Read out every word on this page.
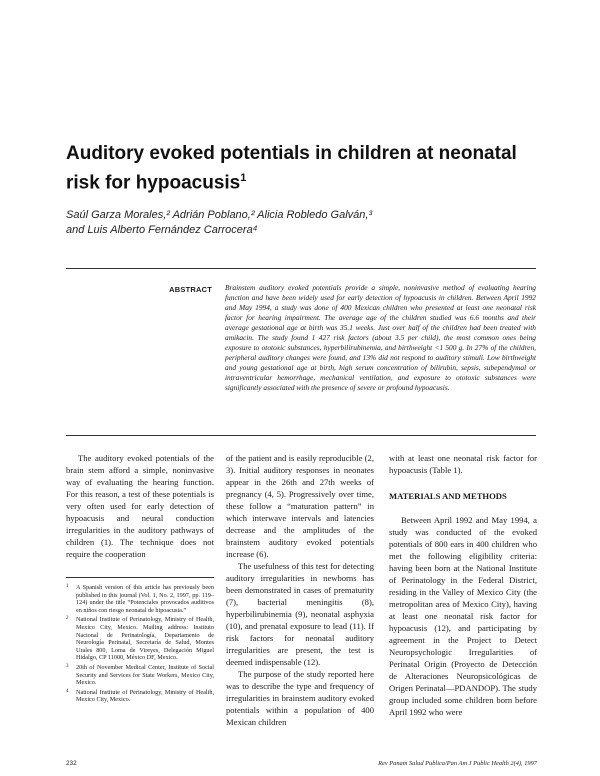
Auditory evoked potentials in children at neonatal risk for hypoacusis$^1$
Saúl Garza Morales,² Adrián Poblano,² Alicia Robledo Galván,³
and Luis Alberto Fernández Carrocera⁴
ABSTRACT Brainstem auditory evoked potentials provide a simple, noninvasive method of evaluating hearing function and have been widely used for early detection of hypoacusis in children. Between April 1992 and May 1994, a study was done of 400 Mexican children who presented at least one neonatal risk factor for hearing impairment. The average age of the children studied was 6.6 months and their average gestational age at birth was 35.1 weeks. Just over half of the children had been treated with amikacin. The study found 1 427 risk factors (about 3.5 per child), the most common ones being exposure to ototoxic substances, hyperbilirubinemia, and birthweight <1 500 g. In 27% of the children, peripheral auditory changes were found, and 13% did not respond to auditory stimuli. Low birthweight and young gestational age at birth, high serum concentration of bilirubin, sepsis, subependymal or intraventricular hemorrhage, mechanical ventilation, and exposure to ototoxic substances were significantly associated with the presence of severe or profound hypoacusis.

The auditory evoked potentials of the brain stem afford a simple, noninvasive way of evaluating the hearing function. For this reason, a test of these potentials is very often used for early detection of hypoacusis and neural conduction irregularities in the auditory pathways of children (1). The technique does not require the cooperation

of the patient and is easily reproducible (2, 3). Initial auditory responses in neonates appear in the 26th and 27th weeks of pregnancy (4, 5). Progressively over time, these follow a “maturation pattern” in which interwave intervals and latencies decrease and the amplitudes of the brainstem auditory evoked potentials increase (6).

The usefulness of this test for detecting auditory irregularities in newborns has been demonstrated in cases of prematurity (7), bacterial meningitis (8), hyperbilirubinemia (9), neonatal asphyxia (10), and prenatal exposure to lead (11). If risk factors for neonatal auditory irregularities are present, the test is deemed indispensable (12).

The purpose of the study reported here was to describe the type and frequency of irregularities in brainstem auditory evoked potentials within a population of 400 Mexican children

with at least one neonatal risk factor for hypoacusis (Table 1).

MATERIALS AND METHODS

Between April 1992 and May 1994, a study was conducted of the evoked potentials of 800 ears in 400 children who met the following eligibility criteria: having been born at the National Institute of Perinatology in the Federal District, residing in the Valley of Mexico City (the metropolitan area of Mexico City), having at least one neonatal risk factor for hypoacusis (12), and participating by agreement in the Project to Detect Neuropsychologic Irregularities of Perinatal Origin (Proyecto de Detección de Alteraciones Neuropsicológicas de Origen Perinatal—PDANDOP). The study group included some children born before April 1992 who were

1 A Spanish version of this article has previously been published in this journal (Vol. 1, No. 2, 1997, pp. 119–124) under the title “Potenciales provocados auditivos en niños con riesgo neonatal de hipoacusia.”
2 National Institute of Perinatology, Ministry of Health, Mexico City, Mexico. Mailing address: Instituto Nacional de Perinatología, Departamento de Neurología Perinatal, Secretaría de Salud, Montes Urales 800, Loma de Vireyes, Delegación Miguel Hidalgo, CP 11000, México DF, Mexico.
3 20th of November Medical Center, Institute of Social Security and Services for State Workers, Mexico City, Mexico.
4 National Institute of Perinatology, Ministry of Health, Mexico City, Mexico.
232	Rev Panam Salud Publica/Pan Am J Public Health 2(4), 1997
